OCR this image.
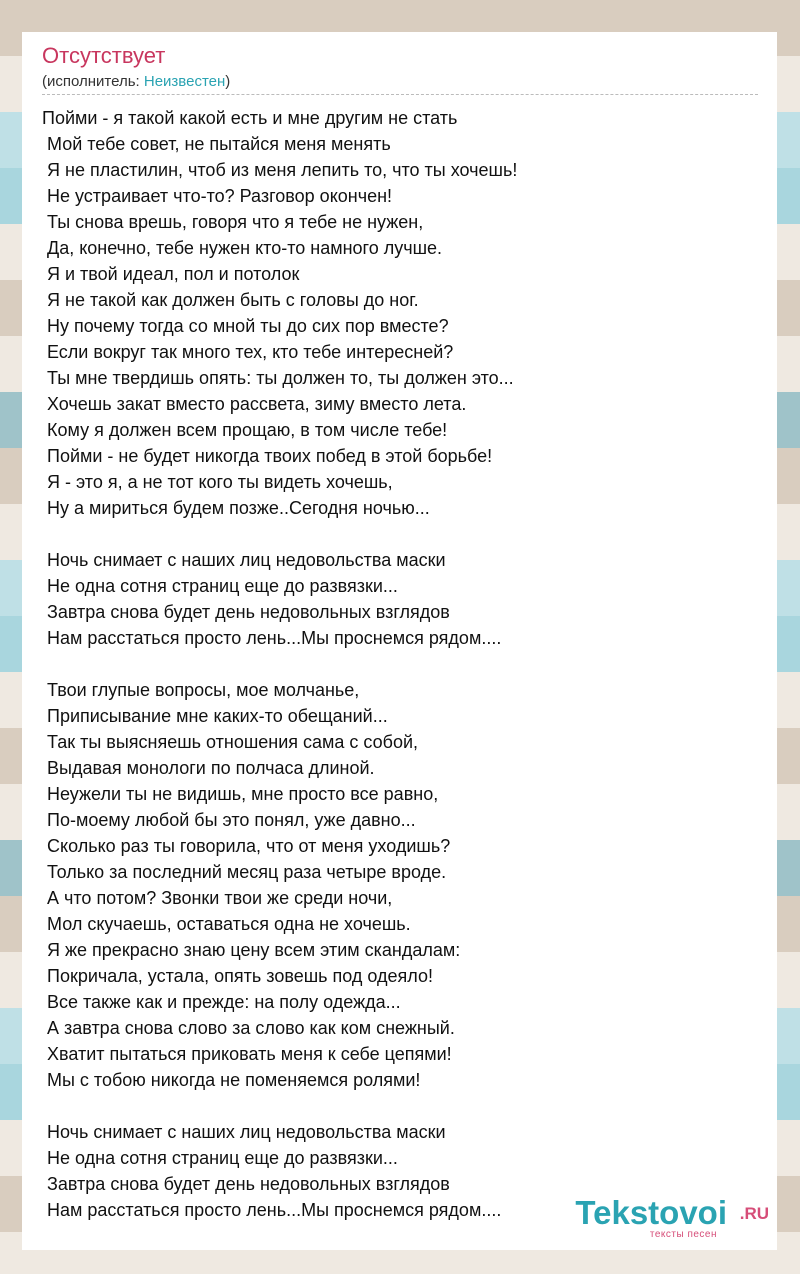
Отсутствует
(исполнитель: Неизвестен)
Пойми - я такой какой есть и мне другим не стать
Мой тебе совет, не пытайся меня менять
Я не пластилин, чтоб из меня лепить то, что ты хочешь!
Не устраивает что-то? Разговор окончен!
Ты снова врешь, говоря что я тебе не нужен,
Да, конечно, тебе нужен кто-то намного лучше.
Я и твой идеал, пол и потолок
Я не такой как должен быть с головы до ног.
Ну почему тогда со мной ты до сих пор вместе?
Если вокруг так много тех, кто тебе интересней?
Ты мне твердишь опять: ты должен то, ты должен это...
Хочешь закат вместо рассвета, зиму вместо лета.
Кому я должен всем прощаю, в том числе тебе!
Пойми - не будет никогда твоих побед в этой борьбе!
Я - это я, а не тот кого ты видеть хочешь,
Ну а мириться будем позже..Сегодня ночью...
Ночь снимает с наших лиц недовольства маски
Не одна сотня страниц еще до развязки...
Завтра снова будет день недовольных взглядов
Нам расстаться просто лень...Мы проснемся рядом....
Твои глупые вопросы, мое молчанье,
Приписывание мне каких-то обещаний...
Так ты выясняешь отношения сама с собой,
Выдавая монологи по полчаса длиной.
Неужели ты не видишь, мне просто все равно,
По-моему любой бы это понял, уже давно...
Сколько раз ты говорила, что от меня уходишь?
Только за последний месяц раза четыре вроде.
А что потом? Звонки твои же среди ночи,
Мол скучаешь, оставаться одна не хочешь.
Я же прекрасно знаю цену всем этим скандалам:
Покричала, устала, опять зовешь под одеяло!
Все также как и прежде: на полу одежда...
А завтра снова слово за слово как ком снежный.
Хватит пытаться приковать меня к себе цепями!
Мы с тобою никогда не поменяемся ролями!
Ночь снимает с наших лиц недовольства маски
Не одна сотня страниц еще до развязки...
Завтра снова будет день недовольных взглядов
Нам расстаться просто лень...Мы проснемся рядом....	Tekstovoi .RU
тексты песен
